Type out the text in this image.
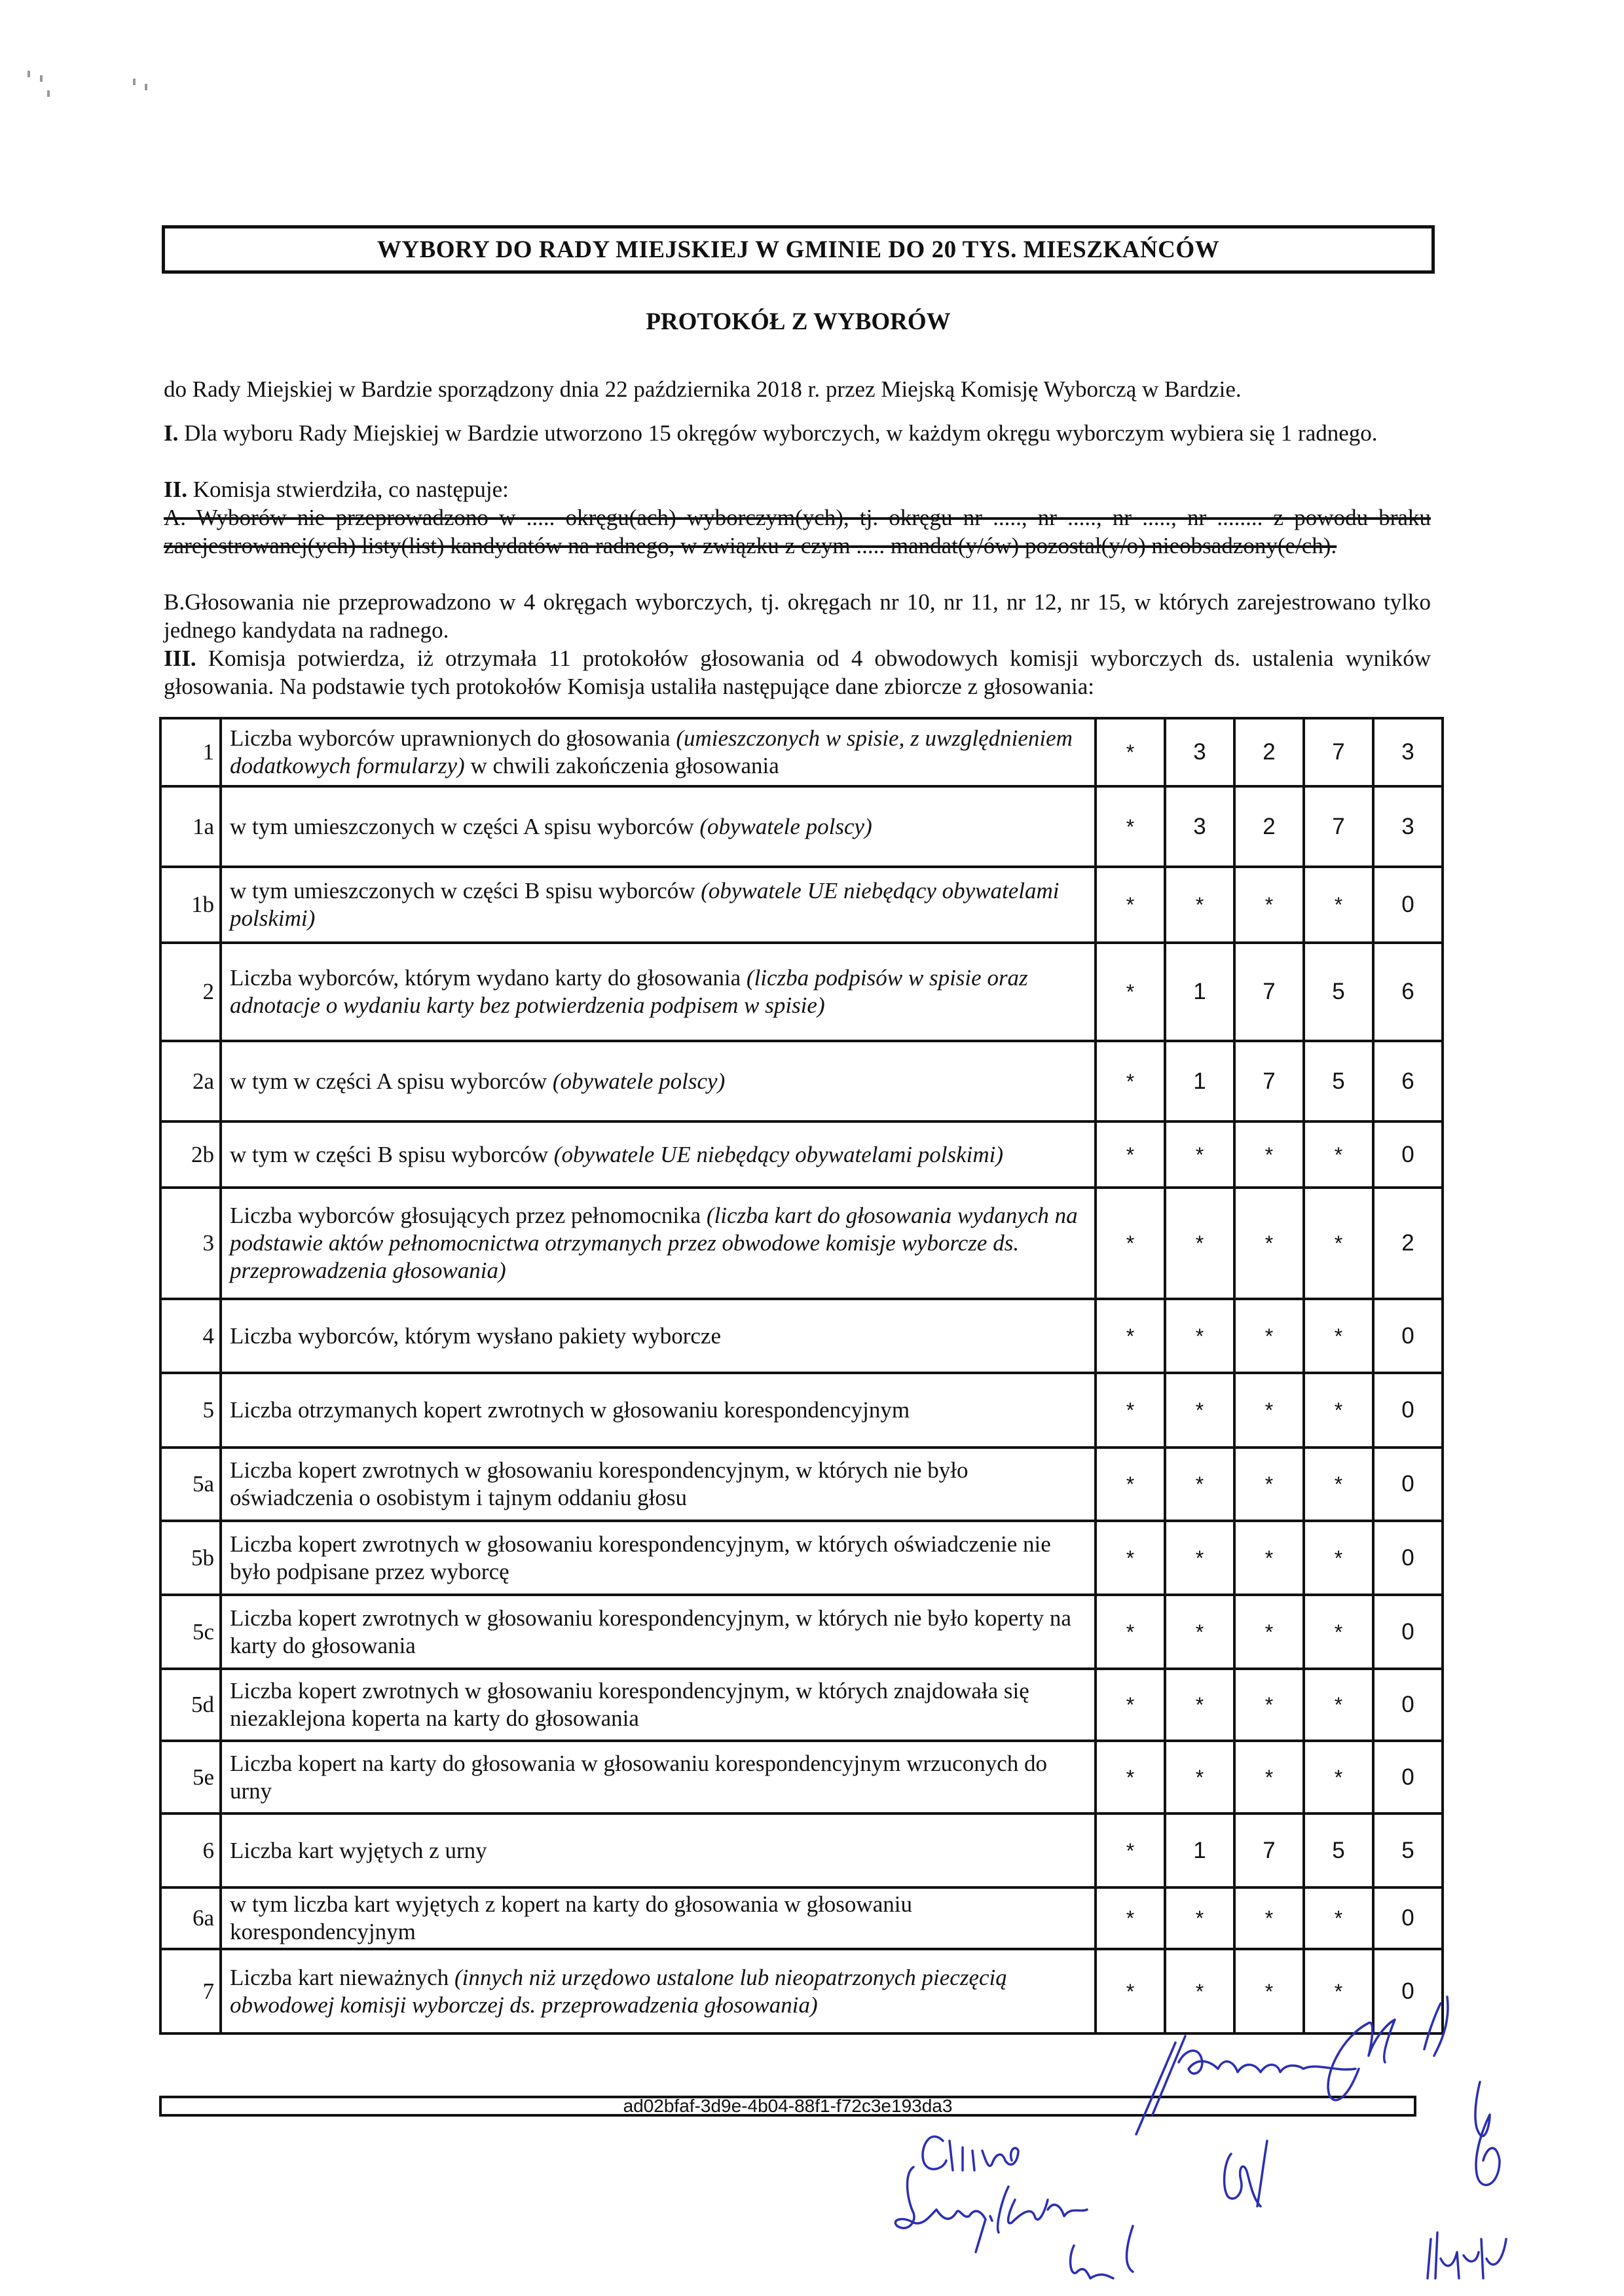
WYBORY DO RADY MIEJSKIEJ W GMINIE DO 20 TYS. MIESZKAŃCÓW
PROTOKÓŁ Z WYBORÓW
do Rady Miejskiej w Bardzie sporządzony dnia 22 października 2018 r. przez Miejską Komisję Wyborczą w Bardzie.
I. Dla wyboru Rady Miejskiej w Bardzie utworzono 15 okręgów wyborczych, w każdym okręgu wyborczym wybiera się 1 radnego.
II. Komisja stwierdziła, co następuje:
A. Wyborów nie przeprowadzono w ..... okręgu(ach) wyborczym(ych), tj. okręgu nr ....., nr ....., nr ....., nr ........ z powodu braku zarejestrowanej(ych) listy(list) kandydatów na radnego, w związku z czym ..... mandat(y/ów) pozostał(y/o) nieobsadzony(e/ch).
B.Głosowania nie przeprowadzono w 4 okręgach wyborczych, tj. okręgach nr 10, nr 11, nr 12, nr 15, w których zarejestrowano tylko jednego kandydata na radnego.
III. Komisja potwierdza, iż otrzymała 11 protokołów głosowania od 4 obwodowych komisji wyborczych ds. ustalenia wyników głosowania. Na podstawie tych protokołów Komisja ustaliła następujące dane zbiorcze z głosowania:
1	Liczba wyborców uprawnionych do głosowania (umieszczonych w spisie, z uwzględnieniem dodatkowych formularzy) w chwili zakończenia głosowania	*	3	2	7	3
1a	w tym umieszczonych w części A spisu wyborców (obywatele polscy)	*	3	2	7	3
1b	w tym umieszczonych w części B spisu wyborców (obywatele UE niebędący obywatelami polskimi)	*	*	*	*	0
2	Liczba wyborców, którym wydano karty do głosowania (liczba podpisów w spisie oraz adnotacje o wydaniu karty bez potwierdzenia podpisem w spisie)	*	1	7	5	6
2a	w tym w części A spisu wyborców (obywatele polscy)	*	1	7	5	6
2b	w tym w części B spisu wyborców (obywatele UE niebędący obywatelami polskimi)	*	*	*	*	0
3	Liczba wyborców głosujących przez pełnomocnika (liczba kart do głosowania wydanych na podstawie aktów pełnomocnictwa otrzymanych przez obwodowe komisje wyborcze ds. przeprowadzenia głosowania)	*	*	*	*	2
4	Liczba wyborców, którym wysłano pakiety wyborcze	*	*	*	*	0
5	Liczba otrzymanych kopert zwrotnych w głosowaniu korespondencyjnym	*	*	*	*	0
5a	Liczba kopert zwrotnych w głosowaniu korespondencyjnym, w których nie było oświadczenia o osobistym i tajnym oddaniu głosu	*	*	*	*	0
5b	Liczba kopert zwrotnych w głosowaniu korespondencyjnym, w których oświadczenie nie było podpisane przez wyborcę	*	*	*	*	0
5c	Liczba kopert zwrotnych w głosowaniu korespondencyjnym, w których nie było koperty na karty do głosowania	*	*	*	*	0
5d	Liczba kopert zwrotnych w głosowaniu korespondencyjnym, w których znajdowała się niezaklejona koperta na karty do głosowania	*	*	*	*	0
5e	Liczba kopert na karty do głosowania w głosowaniu korespondencyjnym wrzuconych do urny	*	*	*	*	0
6	Liczba kart wyjętych z urny	*	1	7	5	5
6a	w tym liczba kart wyjętych z kopert na karty do głosowania w głosowaniu korespondencyjnym	*	*	*	*	0
7	Liczba kart nieważnych (innych niż urzędowo ustalone lub nieopatrzonych pieczęcią obwodowej komisji wyborczej ds. przeprowadzenia głosowania)	*	*	*	*	0
ad02bfaf-3d9e-4b04-88f1-f72c3e193da3
